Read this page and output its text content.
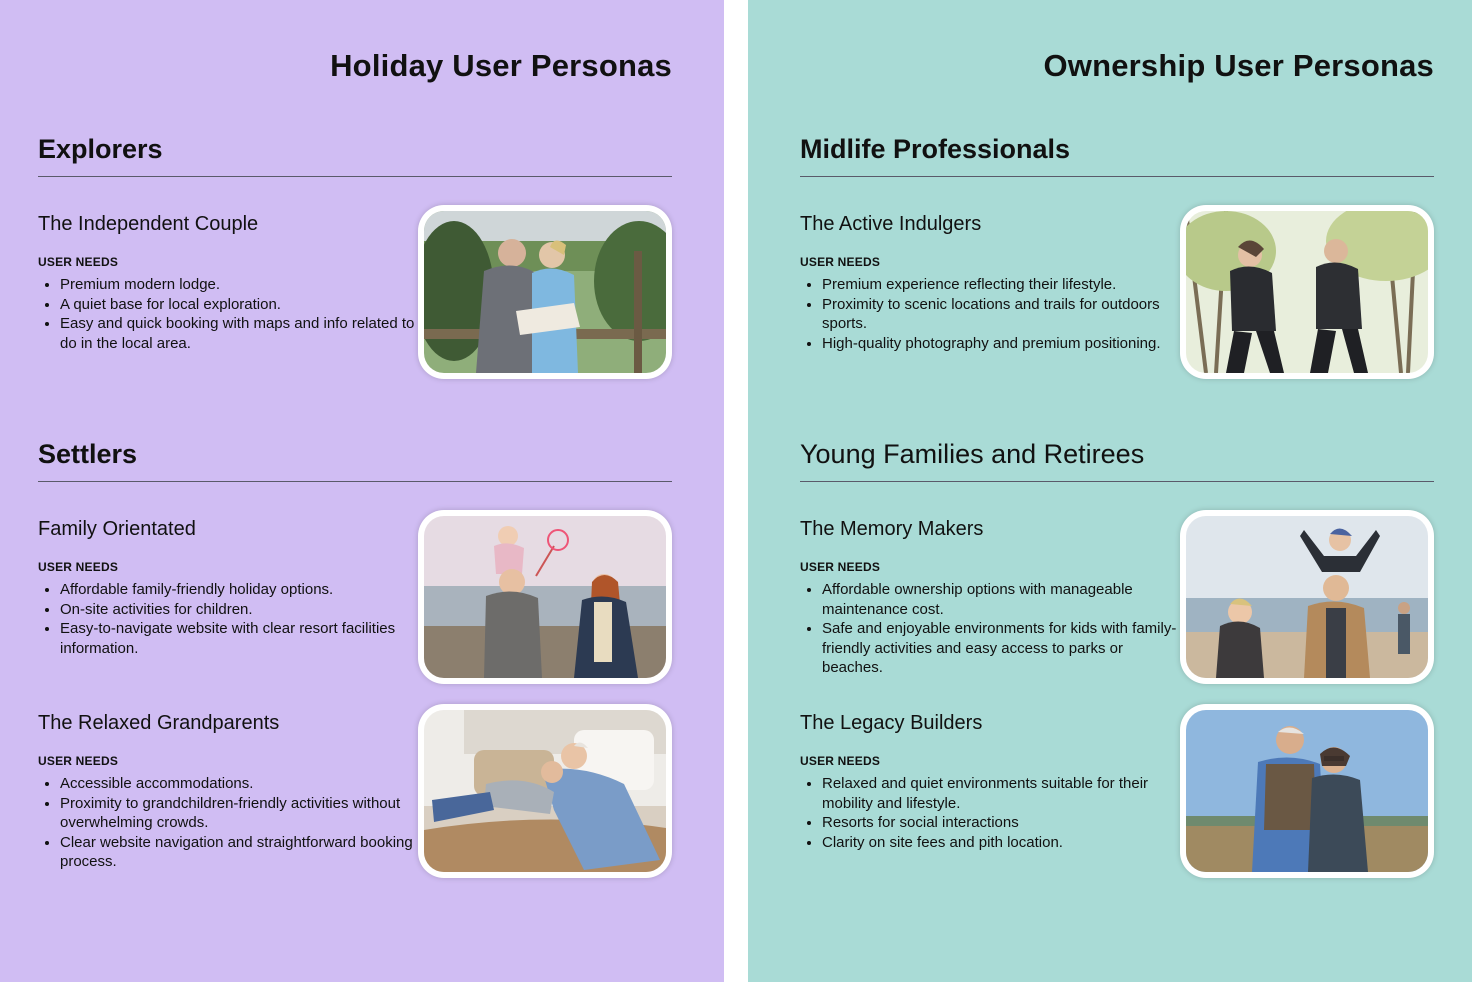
Holiday User Personas
Explorers
The Independent Couple
USER NEEDS
• Premium modern lodge.
• A quiet base for local exploration.
• Easy and quick booking with maps and info related to do in the local area.
Settlers
Family Orientated
USER NEEDS
• Affordable family-friendly holiday options.
• On-site activities for children.
• Easy-to-navigate website with clear resort facilities information.
The Relaxed Grandparents
USER NEEDS
• Accessible accommodations.
• Proximity to grandchildren-friendly activities without overwhelming crowds.
• Clear website navigation and straightforward booking process.
Ownership User Personas
Midlife Professionals
The Active Indulgers
USER NEEDS
• Premium experience reflecting their lifestyle.
• Proximity to scenic locations and trails for outdoors sports.
• High-quality photography and premium positioning.
Young Families and Retirees
The Memory Makers
USER NEEDS
• Affordable ownership options with manageable maintenance cost.
• Safe and enjoyable environments for kids with family-friendly activities and easy access to parks or beaches.
The Legacy Builders
USER NEEDS
• Relaxed and quiet environments suitable for their mobility and lifestyle.
• Resorts for social interactions
• Clarity on site fees and pith location.
